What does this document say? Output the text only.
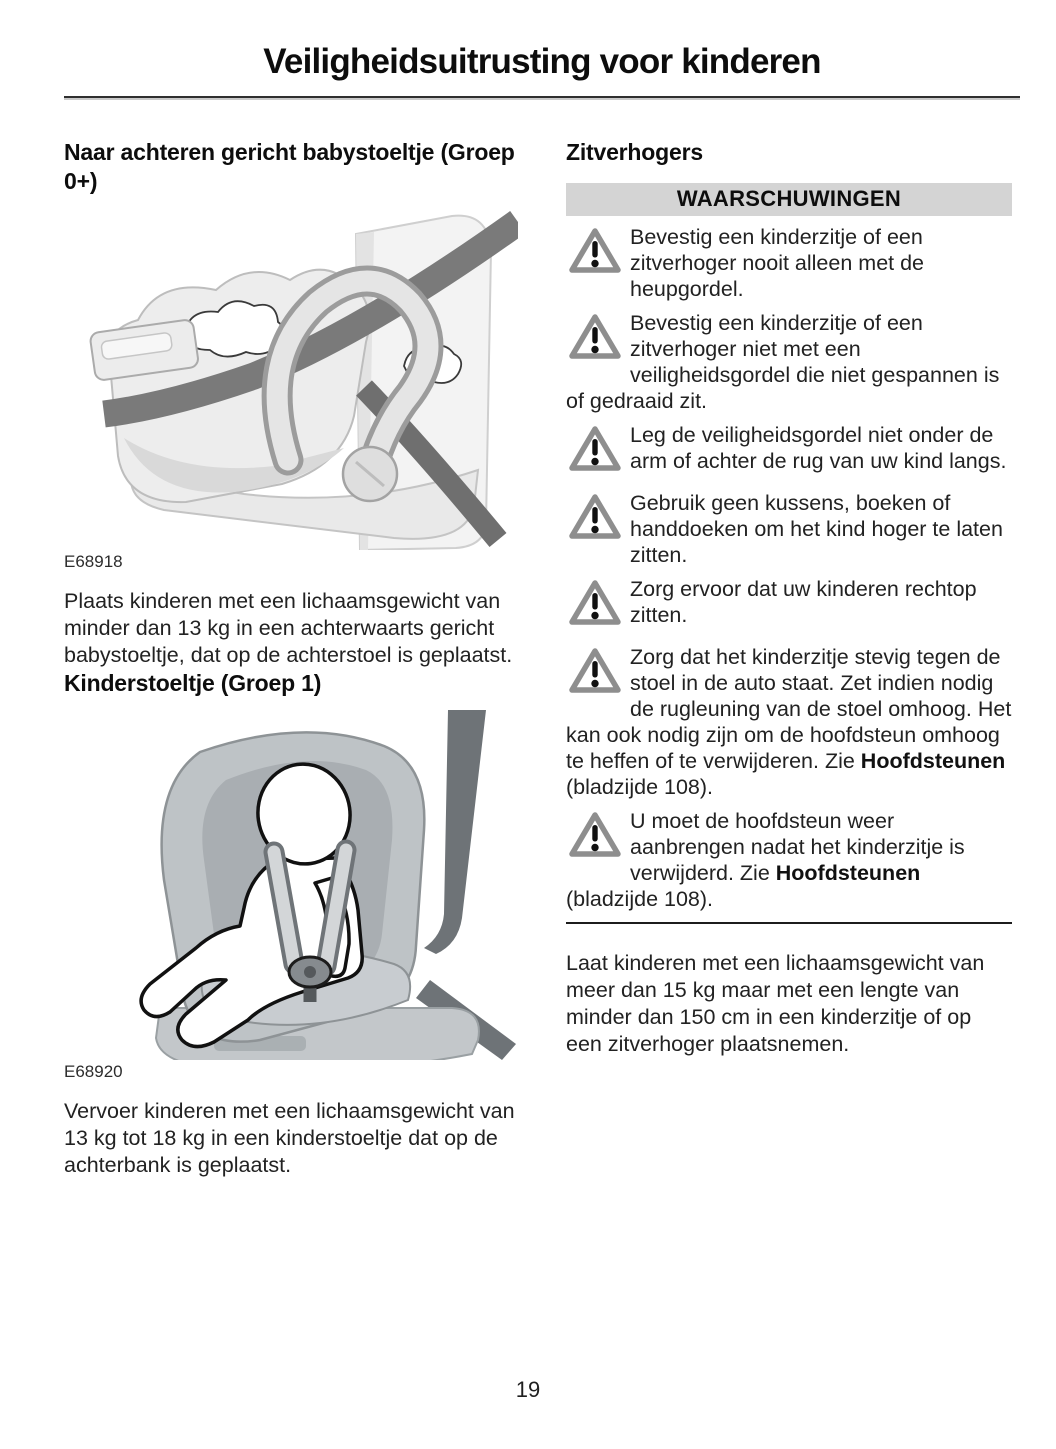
Veiligheidsuitrusting voor kinderen
Naar achteren gericht babystoeltje (Groep 0+)
E68918

Plaats kinderen met een lichaamsgewicht van minder dan 13 kg in een achterwaarts gericht babystoeltje, dat op de achterstoel is geplaatst.

Kinderstoeltje (Groep 1)
E68920

Vervoer kinderen met een lichaamsgewicht van 13 kg tot 18 kg in een kinderstoeltje dat op de achterbank is geplaatst.

Zitverhogers
WAARSCHUWINGEN

Bevestig een kinderzitje of een zitverhoger nooit alleen met de heupgordel.

Bevestig een kinderzitje of een zitverhoger niet met een veiligheidsgordel die niet gespannen is of gedraaid zit.

Leg de veiligheidsgordel niet onder de arm of achter de rug van uw kind langs.

Gebruik geen kussens, boeken of handdoeken om het kind hoger te laten zitten.

Zorg ervoor dat uw kinderen rechtop zitten.

Zorg dat het kinderzitje stevig tegen de stoel in de auto staat. Zet indien nodig de rugleuning van de stoel omhoog. Het kan ook nodig zijn om de hoofdsteun omhoog te heffen of te verwijderen. Zie Hoofdsteunen (bladzijde 108).

U moet de hoofdsteun weer aanbrengen nadat het kinderzitje is verwijderd. Zie Hoofdsteunen (bladzijde 108).

Laat kinderen met een lichaamsgewicht van meer dan 15 kg maar met een lengte van minder dan 150 cm in een kinderzitje of op een zitverhoger plaatsnemen.

19
